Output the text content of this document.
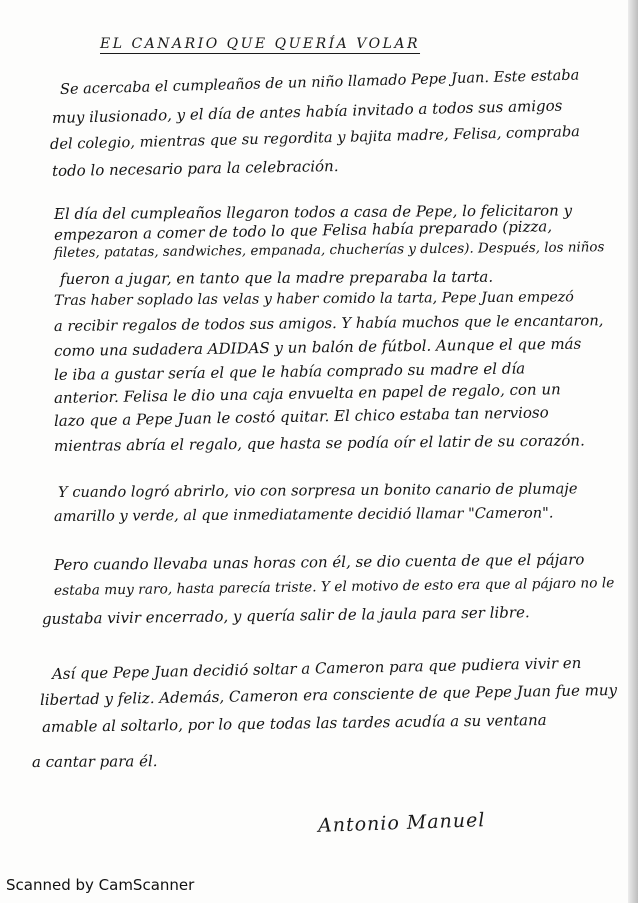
EL CANARIO QUE QUERÍA VOLAR
Se acercaba el cumpleaños de un niño llamado Pepe Juan. Este estaba
muy ilusionado, y el día de antes había invitado a todos sus amigos
del colegio, mientras que su regordita y bajita madre, Felisa, compraba
todo lo necesario para la celebración.
El día del cumpleaños llegaron todos a casa de Pepe, lo felicitaron y
empezaron a comer de todo lo que Felisa había preparado (pizza,
filetes, patatas, sandwiches, empanada, chucherías y dulces). Después, los niños
fueron a jugar, en tanto que la madre preparaba la tarta.
Tras haber soplado las velas y haber comido la tarta, Pepe Juan empezó
a recibir regalos de todos sus amigos. Y había muchos que le encantaron,
como una sudadera ADIDAS y un balón de fútbol. Aunque el que más
le iba a gustar sería el que le había comprado su madre el día
anterior. Felisa le dio una caja envuelta en papel de regalo, con un
lazo que a Pepe Juan le costó quitar. El chico estaba tan nervioso
mientras abría el regalo, que hasta se podía oír el latir de su corazón.
Y cuando logró abrirlo, vio con sorpresa un bonito canario de plumaje
amarillo y verde, al que inmediatamente decidió llamar "Cameron".
Pero cuando llevaba unas horas con él, se dio cuenta de que el pájaro
estaba muy raro, hasta parecía triste. Y el motivo de esto era que al pájaro no le
gustaba vivir encerrado, y quería salir de la jaula para ser libre.
Así que Pepe Juan decidió soltar a Cameron para que pudiera vivir en
libertad y feliz. Además, Cameron era consciente de que Pepe Juan fue muy
amable al soltarlo, por lo que todas las tardes acudía a su ventana
a cantar para él.
Antonio Manuel
Scanned by CamScanner
